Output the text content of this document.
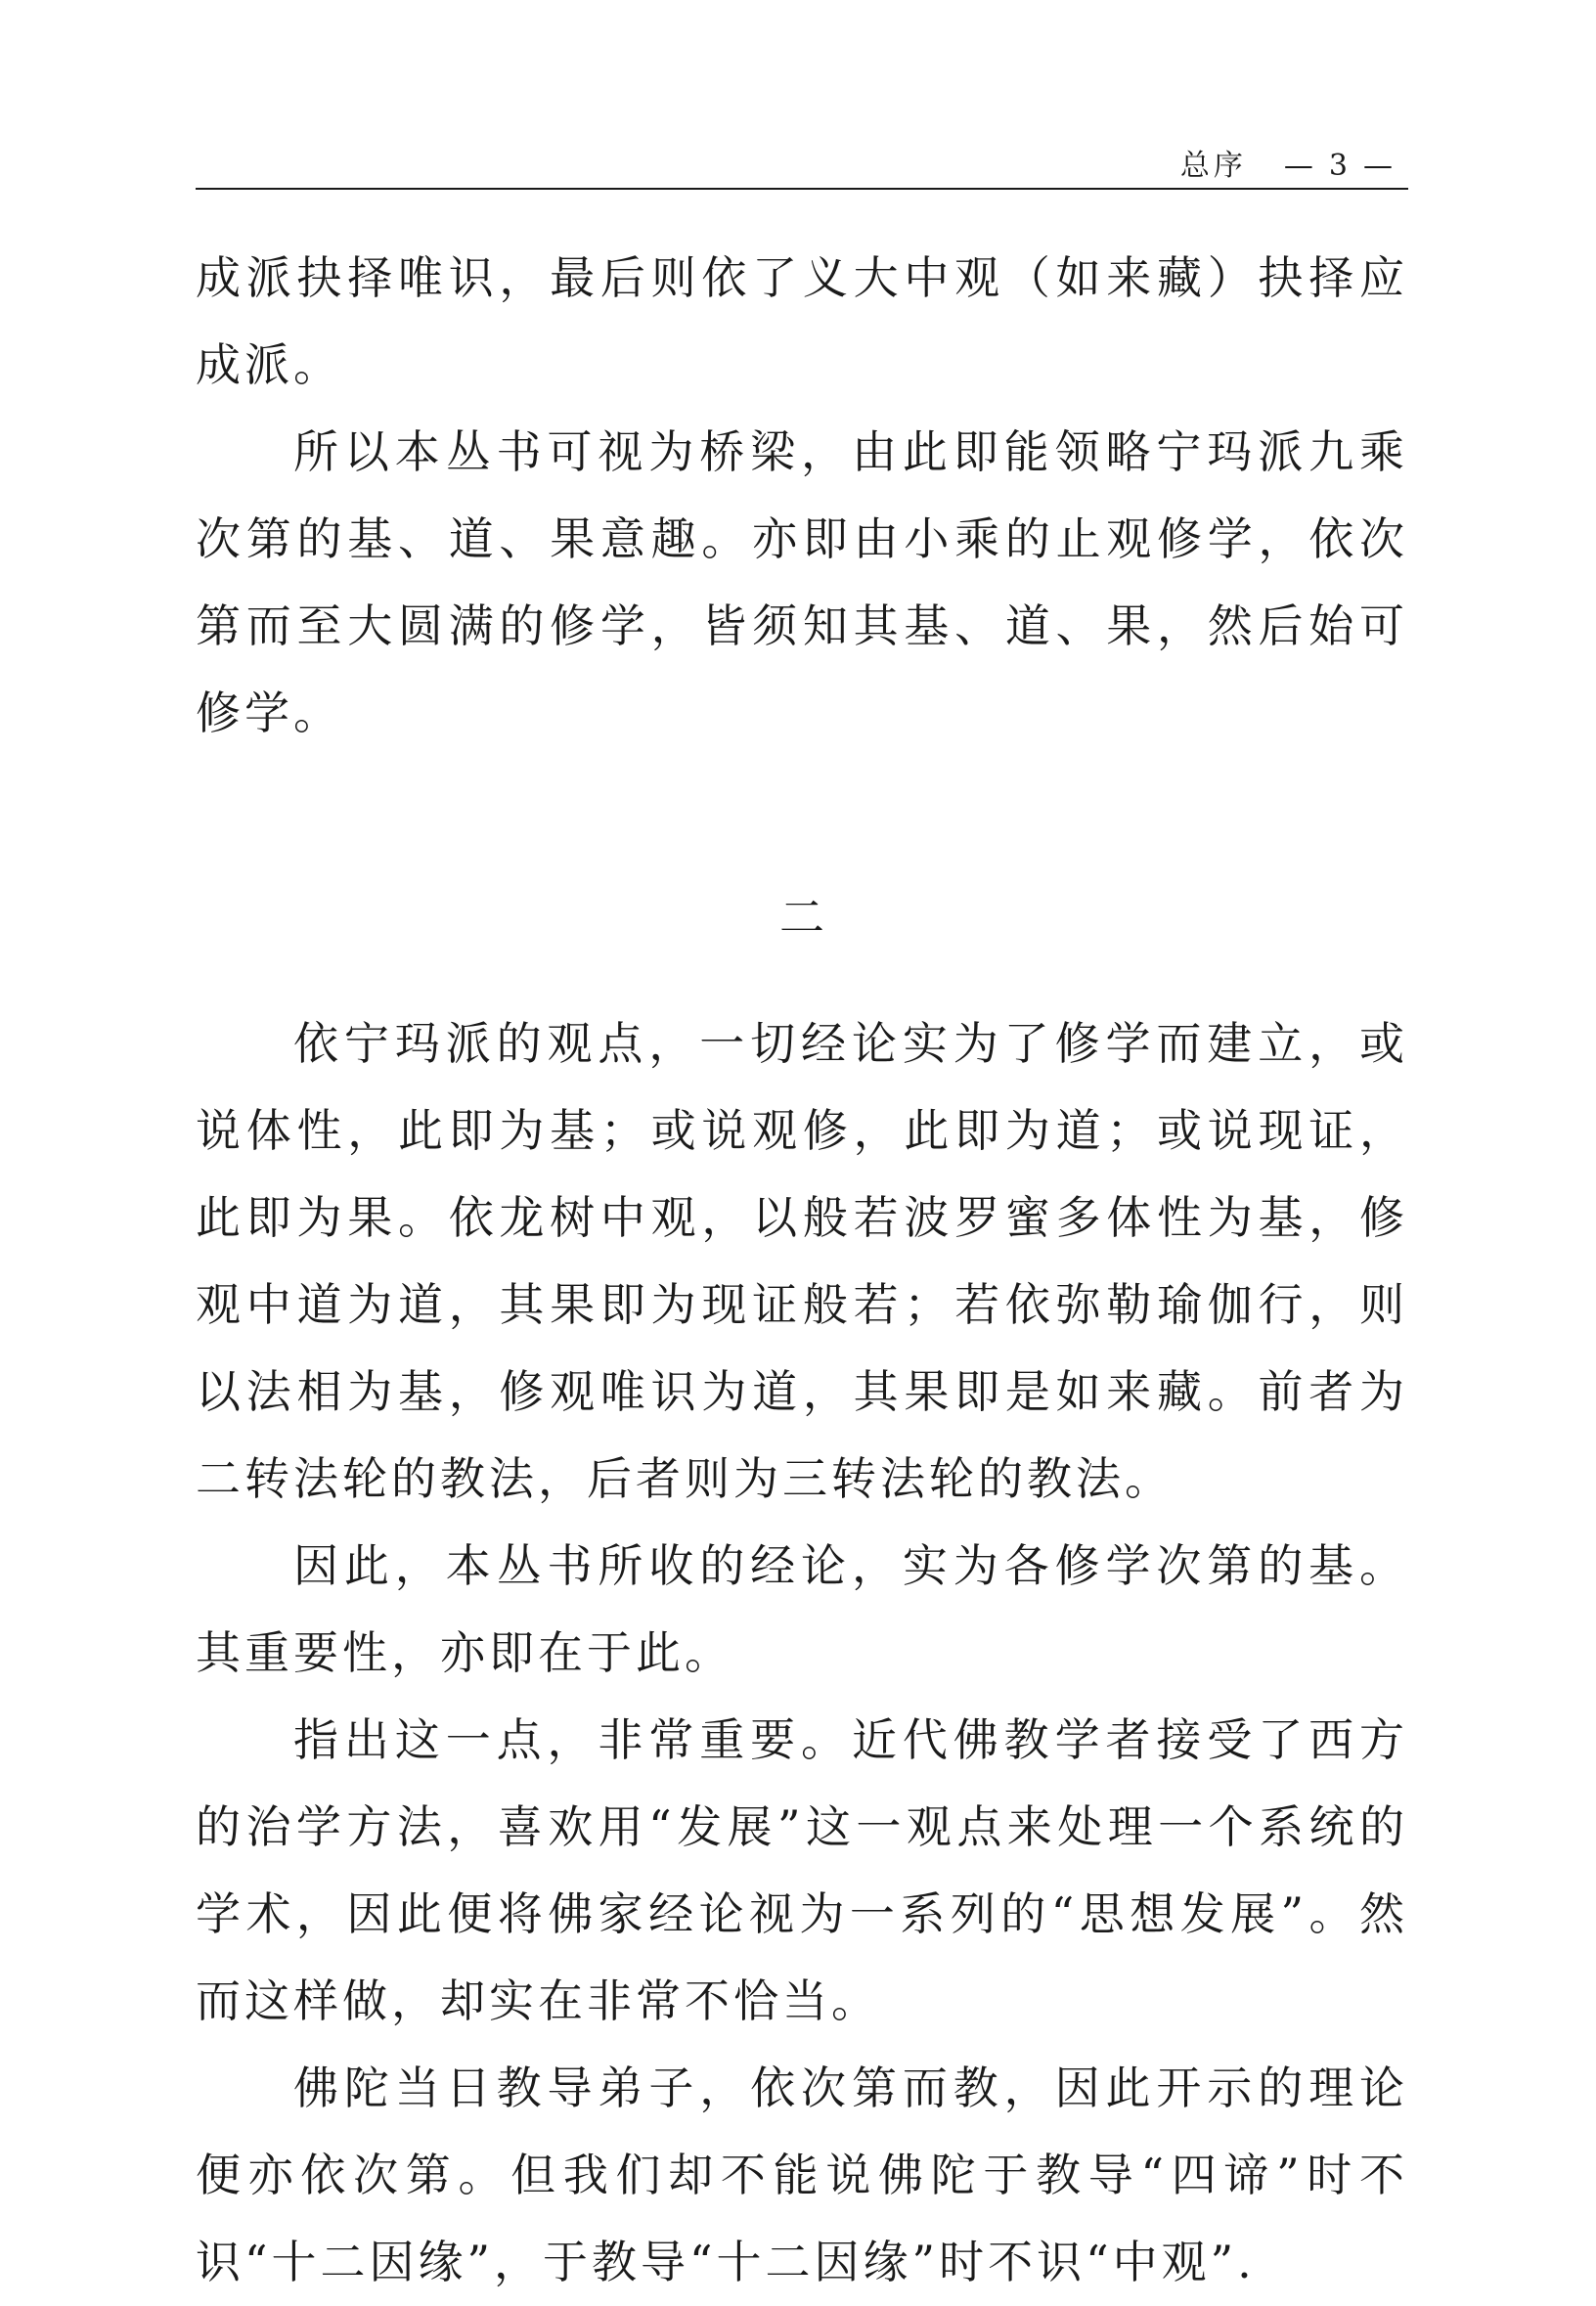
总序 — 3 —

成派抉择唯识，最后则依了义大中观（如来藏）抉择应成派。

所以本丛书可视为桥梁，由此即能领略宁玛派九乘次第的基、道、果意趣。亦即由小乘的止观修学，依次第而至大圆满的修学，皆须知其基、道、果，然后始可修学。

二

依宁玛派的观点，一切经论实为了修学而建立，或说体性，此即为基；或说观修，此即为道；或说现证，此即为果。依龙树中观，以般若波罗蜜多体性为基，修观中道为道，其果即为现证般若；若依弥勒瑜伽行，则以法相为基，修观唯识为道，其果即是如来藏。前者为二转法轮的教法，后者则为三转法轮的教法。

因此，本丛书所收的经论，实为各修学次第的基。其重要性，亦即在于此。

指出这一点，非常重要。近代佛教学者接受了西方的治学方法，喜欢用“发展”这一观点来处理一个系统的学术，因此便将佛家经论视为一系列的“思想发展”。然而这样做，却实在非常不恰当。

佛陀当日教导弟子，依次第而教，因此开示的理论便亦依次第。但我们却不能说佛陀于教导“四谛”时不识“十二因缘”，于教导“十二因缘”时不识“中观”.
